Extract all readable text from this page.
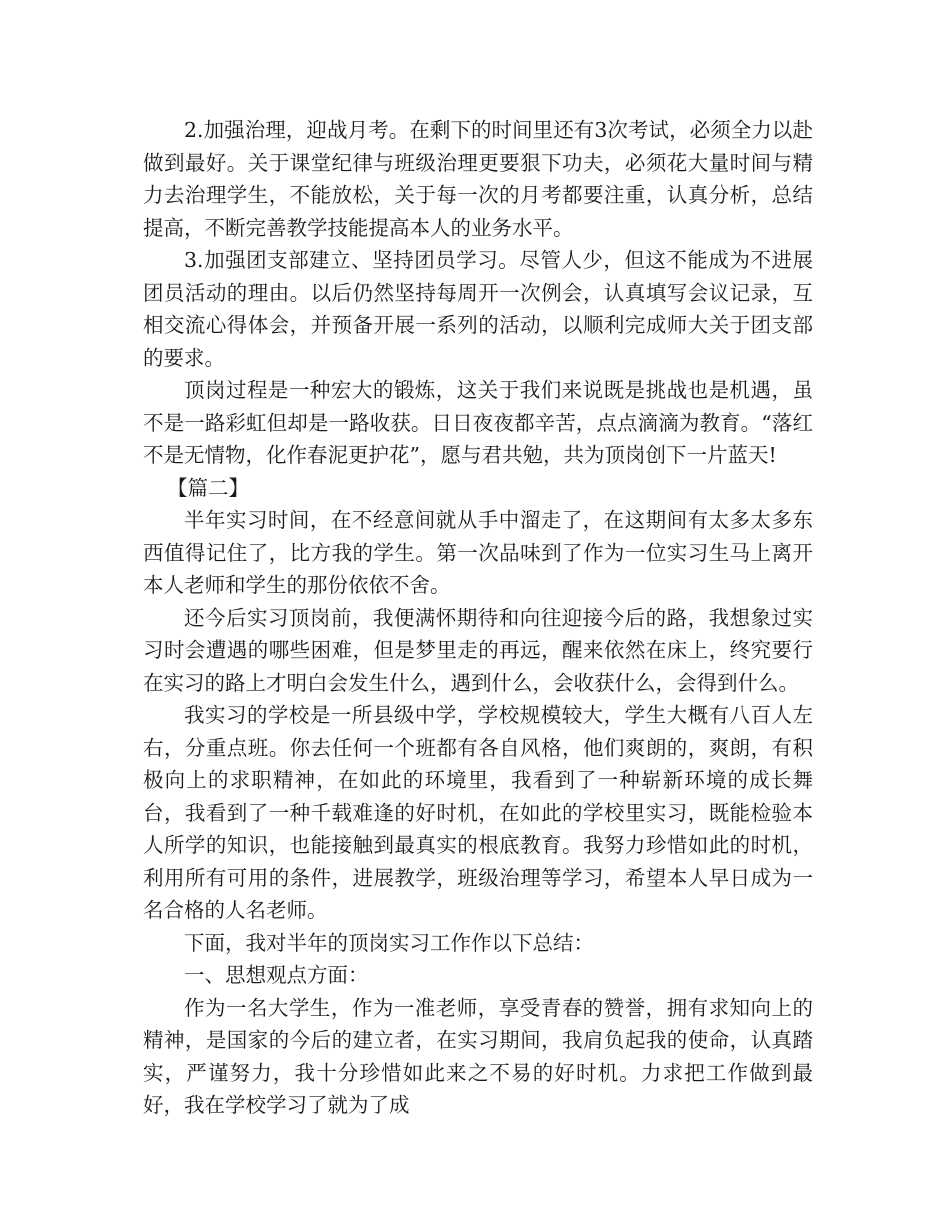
2.加强治理，迎战月考。在剩下的时间里还有3次考试，必须全力以赴做到最好。关于课堂纪律与班级治理更要狠下功夫，必须花大量时间与精力去治理学生，不能放松，关于每一次的月考都要注重，认真分析，总结提高，不断完善教学技能提高本人的业务水平。

3.加强团支部建立、坚持团员学习。尽管人少，但这不能成为不进展团员活动的理由。以后仍然坚持每周开一次例会，认真填写会议记录，互相交流心得体会，并预备开展一系列的活动，以顺利完成师大关于团支部的要求。

顶岗过程是一种宏大的锻炼，这关于我们来说既是挑战也是机遇，虽不是一路彩虹但却是一路收获。日日夜夜都辛苦，点点滴滴为教育。“落红不是无情物，化作春泥更护花”，愿与君共勉，共为顶岗创下一片蓝天!

【篇二】

半年实习时间，在不经意间就从手中溜走了，在这期间有太多太多东西值得记住了，比方我的学生。第一次品味到了作为一位实习生马上离开本人老师和学生的那份依依不舍。

还今后实习顶岗前，我便满怀期待和向往迎接今后的路，我想象过实习时会遭遇的哪些困难，但是梦里走的再远，醒来依然在床上，终究要行在实习的路上才明白会发生什么，遇到什么，会收获什么，会得到什么。

我实习的学校是一所县级中学，学校规模较大，学生大概有八百人左右，分重点班。你去任何一个班都有各自风格，他们爽朗的，爽朗，有积极向上的求职精神，在如此的环境里，我看到了一种崭新环境的成长舞台，我看到了一种千载难逢的好时机，在如此的学校里实习，既能检验本人所学的知识，也能接触到最真实的根底教育。我努力珍惜如此的时机，利用所有可用的条件，进展教学，班级治理等学习，希望本人早日成为一名合格的人名老师。

下面，我对半年的顶岗实习工作作以下总结：

一、思想观点方面：

作为一名大学生，作为一准老师，享受青春的赞誉，拥有求知向上的精神，是国家的今后的建立者，在实习期间，我肩负起我的使命，认真踏实，严谨努力，我十分珍惜如此来之不易的好时机。力求把工作做到最好，我在学校学习了就为了成
